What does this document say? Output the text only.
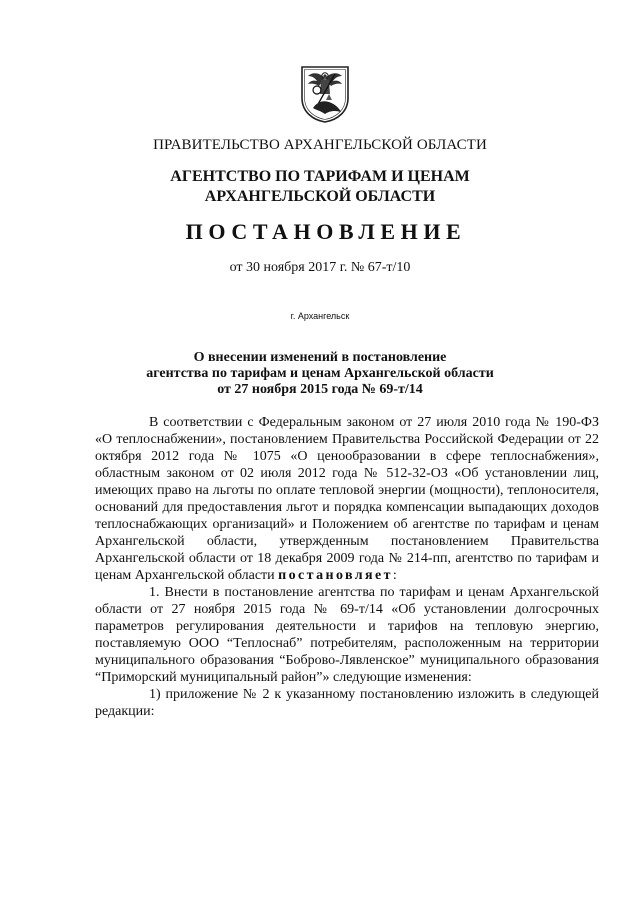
ПРАВИТЕЛЬСТВО АРХАНГЕЛЬСКОЙ ОБЛАСТИ
АГЕНТСТВО ПО ТАРИФАМ И ЦЕНАМ
АРХАНГЕЛЬСКОЙ ОБЛАСТИ
ПОСТАНОВЛЕНИЕ
от 30 ноября 2017 г. № 67-т/10
г. Архангельск
О внесении изменений в постановление
агентства по тарифам и ценам Архангельской области
от 27 ноября 2015 года № 69-т/14

В соответствии с Федеральным законом от 27 июля 2010 года № 190-ФЗ «О теплоснабжении», постановлением Правительства Российской Федерации от 22 октября 2012 года № 1075 «О ценообразовании в сфере теплоснабжения», областным законом от 02 июля 2012 года № 512-32-ОЗ «Об установлении лиц, имеющих право на льготы по оплате тепловой энергии (мощности), теплоносителя, оснований для предоставления льгот и порядка компенсации выпадающих доходов теплоснабжающих организаций» и Положением об агентстве по тарифам и ценам Архангельской области, утвержденным постановлением Правительства Архангельской области от 18 декабря 2009 года № 214-пп, агентство по тарифам и ценам Архангельской области постановляет:

1. Внести в постановление агентства по тарифам и ценам Архангельской области от 27 ноября 2015 года № 69-т/14 «Об установлении долгосрочных параметров регулирования деятельности и тарифов на тепловую энергию, поставляемую ООО “Теплоснаб” потребителям, расположенным на территории муниципального образования “Боброво-Лявленское” муниципального образования “Приморский муниципальный район”» следующие изменения:

1) приложение № 2 к указанному постановлению изложить в следующей редакции:
